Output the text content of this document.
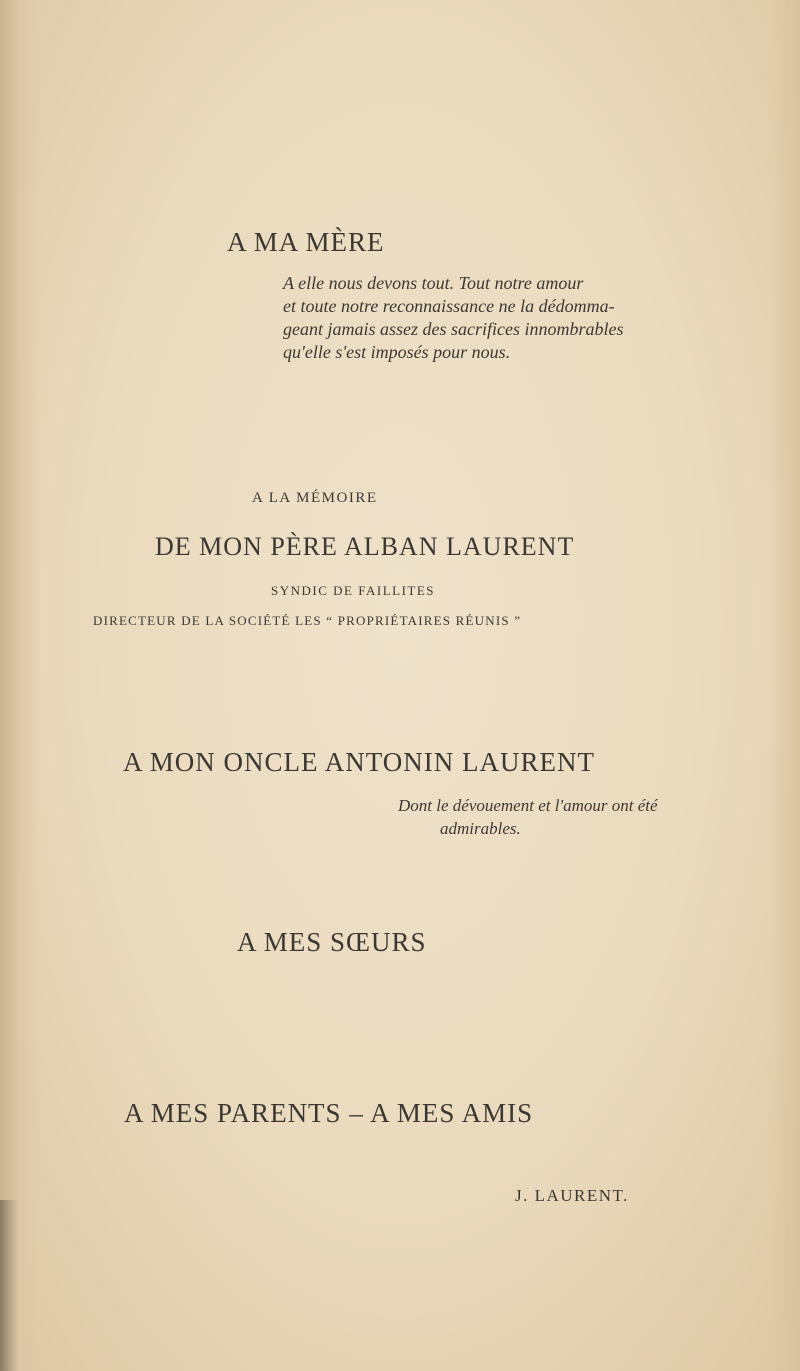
A MA MÈRE

A elle nous devons tout. Tout notre amour

et toute notre reconnaissance ne la dédomma-

geant jamais assez des sacrifices innombrables

qu'elle s'est imposés pour nous.

A LA MÉMOIRE
DE MON PÈRE ALBAN LAURENT
SYNDIC DE FAILLITES
DIRECTEUR DE LA SOCIÉTÉ LES “ PROPRIÉTAIRES RÉUNIS ”
A MON ONCLE ANTONIN LAURENT

Dont le dévouement et l'amour ont été

admirables.

A MES SŒURS
A MES PARENTS – A MES AMIS
J. LAURENT.
